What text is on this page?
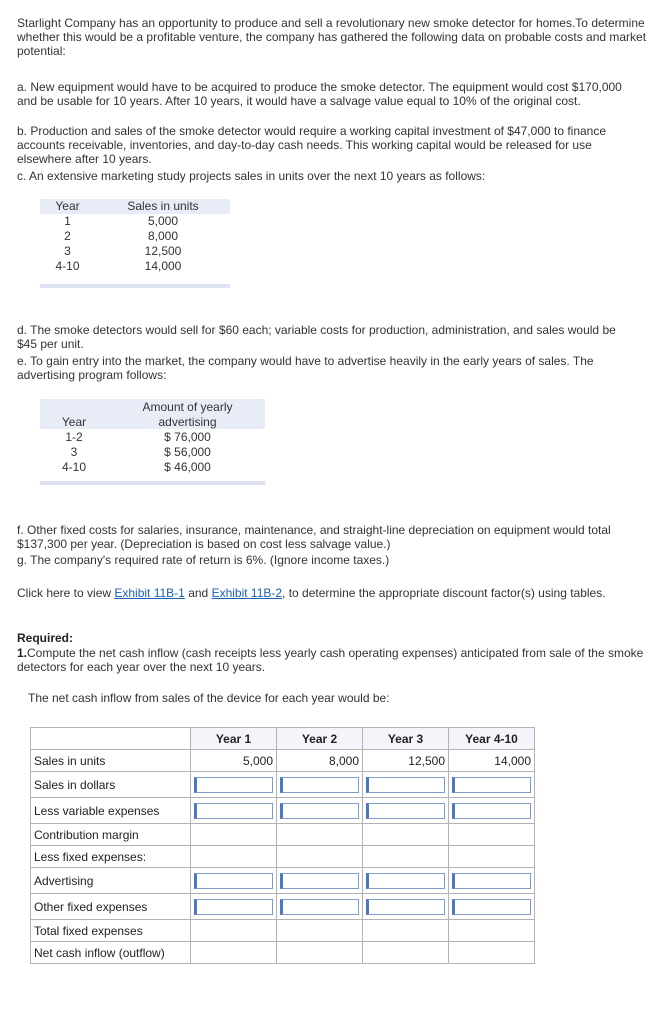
Starlight Company has an opportunity to produce and sell a revolutionary new smoke detector for homes.To determine whether this would be a profitable venture, the company has gathered the following data on probable costs and market potential:

a. New equipment would have to be acquired to produce the smoke detector. The equipment would cost $170,000 and be usable for 10 years. After 10 years, it would have a salvage value equal to 10% of the original cost.
b. Production and sales of the smoke detector would require a working capital investment of $47,000 to finance accounts receivable, inventories, and day-to-day cash needs. This working capital would be released for use elsewhere after 10 years.
c. An extensive marketing study projects sales in units over the next 10 years as follows:
Year	Sales in units
1	5,000
2	8,000
3	12,500
4-10	14,000
d. The smoke detectors would sell for $60 each; variable costs for production, administration, and sales would be $45 per unit.
e. To gain entry into the market, the company would have to advertise heavily in the early years of sales. The advertising program follows:
Amount of yearly
Year	advertising
1-2	$ 76,000
3	$ 56,000
4-10	$ 46,000
f. Other fixed costs for salaries, insurance, maintenance, and straight-line depreciation on equipment would total $137,300 per year. (Depreciation is based on cost less salvage value.)
g. The company's required rate of return is 6%. (Ignore income taxes.)
Click here to view Exhibit 11B-1 and Exhibit 11B-2, to determine the appropriate discount factor(s) using tables.
Required:
1.Compute the net cash inflow (cash receipts less yearly cash operating expenses) anticipated from sale of the smoke detectors for each year over the next 10 years.
The net cash inflow from sales of the device for each year would be:
	Year 1	Year 2	Year 3	Year 4-10
Sales in units	5,000	8,000	12,500	14,000
Sales in dollars	

Less variable expenses	

Contribution margin				
Less fixed expenses:				
Advertising	

Other fixed expenses	

Total fixed expenses				
Net cash inflow (outflow)				
